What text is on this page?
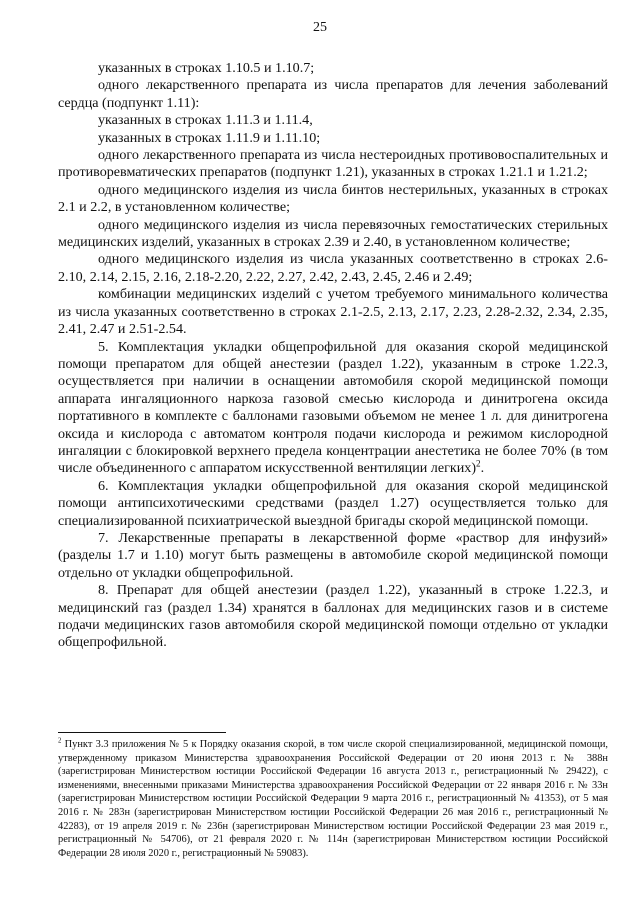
25

указанных в строках 1.10.5 и 1.10.7;

одного лекарственного препарата из числа препаратов для лечения заболеваний сердца (подпункт 1.11):

указанных в строках 1.11.3 и 1.11.4,

указанных в строках 1.11.9 и 1.11.10;

одного лекарственного препарата из числа нестероидных противовоспалительных и противоревматических препаратов (подпункт 1.21), указанных в строках 1.21.1 и 1.21.2;

одного медицинского изделия из числа бинтов нестерильных, указанных в строках 2.1 и 2.2, в установленном количестве;

одного медицинского изделия из числа перевязочных гемостатических стерильных медицинских изделий, указанных в строках 2.39 и 2.40, в установленном количестве;

одного медицинского изделия из числа указанных соответственно в строках 2.6-2.10, 2.14, 2.15, 2.16, 2.18-2.20, 2.22, 2.27, 2.42, 2.43, 2.45, 2.46 и 2.49;

комбинации медицинских изделий с учетом требуемого минимального количества из числа указанных соответственно в строках 2.1-2.5, 2.13, 2.17, 2.23, 2.28-2.32, 2.34, 2.35, 2.41, 2.47 и 2.51-2.54.

5. Комплектация укладки общепрофильной для оказания скорой медицинской помощи препаратом для общей анестезии (раздел 1.22), указанным в строке 1.22.3, осуществляется при наличии в оснащении автомобиля скорой медицинской помощи аппарата ингаляционного наркоза газовой смесью кислорода и динитрогена оксида портативного в комплекте с баллонами газовыми объемом не менее 1 л. для динитрогена оксида и кислорода с автоматом контроля подачи кислорода и режимом кислородной ингаляции с блокировкой верхнего предела концентрации анестетика не более 70% (в том числе объединенного с аппаратом искусственной вентиляции легких)$^2$.

6. Комплектация укладки общепрофильной для оказания скорой медицинской помощи антипсихотическими средствами (раздел 1.27) осуществляется только для специализированной психиатрической выездной бригады скорой медицинской помощи.

7. Лекарственные препараты в лекарственной форме «раствор для инфузий» (разделы 1.7 и 1.10) могут быть размещены в автомобиле скорой медицинской помощи отдельно от укладки общепрофильной.

8. Препарат для общей анестезии (раздел 1.22), указанный в строке 1.22.3, и медицинский газ (раздел 1.34) хранятся в баллонах для медицинских газов и в системе подачи медицинских газов автомобиля скорой медицинской помощи отдельно от укладки общепрофильной.

$^2$ Пункт 3.3 приложения № 5 к Порядку оказания скорой, в том числе скорой специализированной, медицинской помощи, утвержденному приказом Министерства здравоохранения Российской Федерации от 20 июня 2013 г. № 388н (зарегистрирован Министерством юстиции Российской Федерации 16 августа 2013 г., регистрационный № 29422), с изменениями, внесенными приказами Министерства здравоохранения Российской Федерации от 22 января 2016 г. № 33н (зарегистрирован Министерством юстиции Российской Федерации 9 марта 2016 г., регистрационный № 41353), от 5 мая 2016 г. № 283н (зарегистрирован Министерством юстиции Российской Федерации 26 мая 2016 г., регистрационный № 42283), от 19 апреля 2019 г. № 236н (зарегистрирован Министерством юстиции Российской Федерации 23 мая 2019 г., регистрационный № 54706), от 21 февраля 2020 г. № 114н (зарегистрирован Министерством юстиции Российской Федерации 28 июля 2020 г., регистрационный № 59083).
